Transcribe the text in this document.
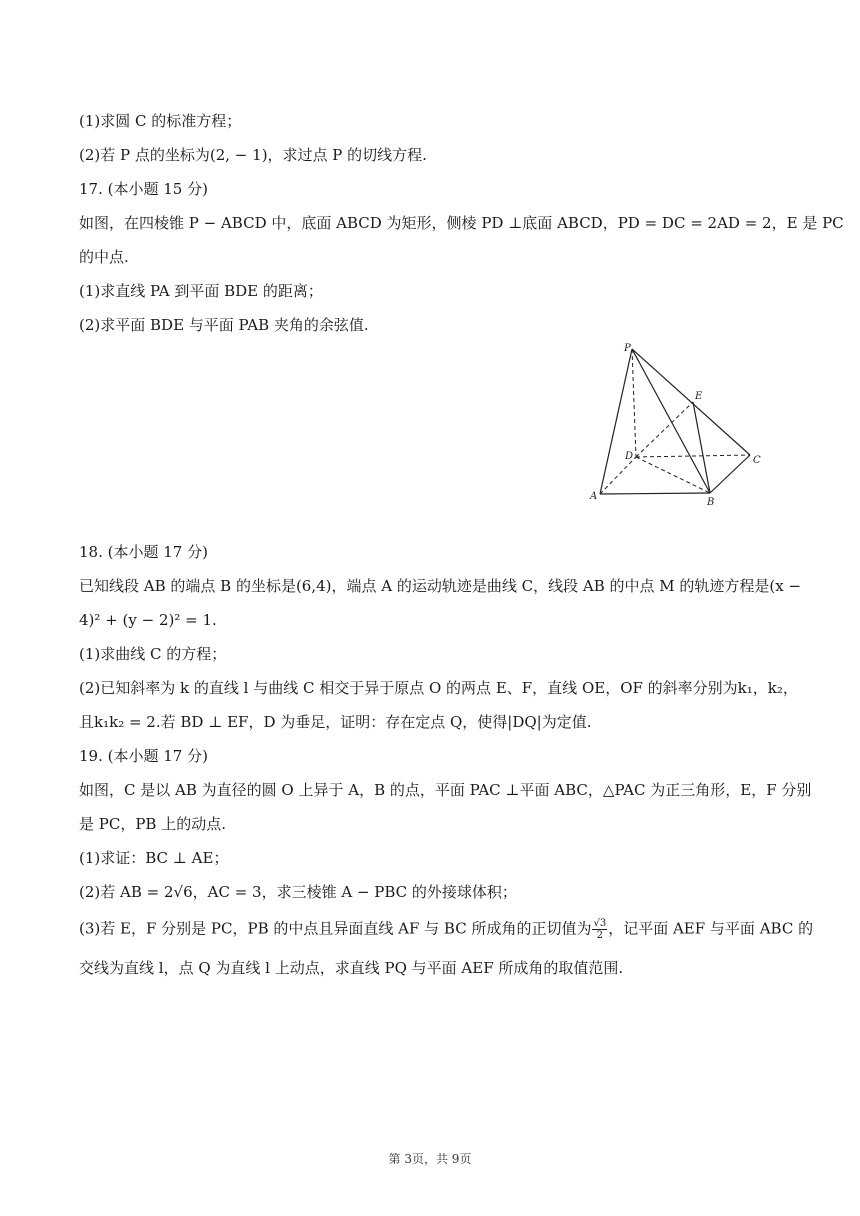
(1)求圆 C 的标准方程；
(2)若 P 点的坐标为(2, − 1)，求过点 P 的切线方程.
17. (本小题 15 分)
如图，在四棱锥 P − ABCD 中，底面 ABCD 为矩形，侧棱 PD ⊥底面 ABCD，PD = DC = 2AD = 2，E 是 PC
的中点.
(1)求直线 PA 到平面 BDE 的距离；
(2)求平面 BDE 与平面 PAB 夹角的余弦值.
P
E
D	C
A
B
18. (本小题 17 分)
已知线段 AB 的端点 B 的坐标是(6,4)，端点 A 的运动轨迹是曲线 C，线段 AB 的中点 M 的轨迹方程是(x −
4)² + (y − 2)² = 1.
(1)求曲线 C 的方程；
(2)已知斜率为 k 的直线 l 与曲线 C 相交于异于原点 O 的两点 E、F，直线 OE，OF 的斜率分别为k₁，k₂，
且k₁k₂ = 2.若 BD ⊥ EF，D 为垂足，证明：存在定点 Q，使得|DQ|为定值.
19. (本小题 17 分)
如图，C 是以 AB 为直径的圆 O 上异于 A，B 的点，平面 PAC ⊥平面 ABC，△PAC 为正三角形，E，F 分别
是 PC，PB 上的动点.
(1)求证：BC ⊥ AE；
(2)若 AB = 2√6，AC = 3，求三棱锥 A − PBC 的外接球体积；
(3)若 E，F 分别是 PC，PB 的中点且异面直线 AF 与 BC 所成角的正切值为 $\frac{√3}{2}$ ，记平面 AEF 与平面 ABC 的
交线为直线 l，点 Q 为直线 l 上动点，求直线 PQ 与平面 AEF 所成角的取值范围.
第 3页，共 9页
